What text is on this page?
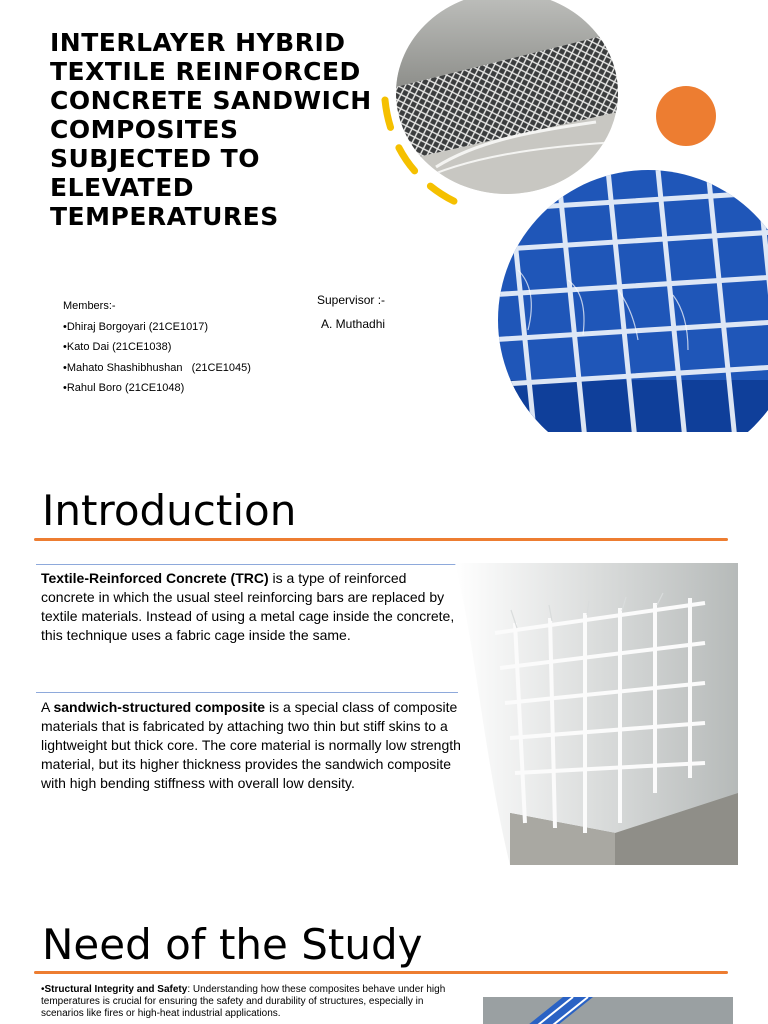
INTERLAYER HYBRID TEXTILE REINFORCED CONCRETE SANDWICH COMPOSITES SUBJECTED TO ELEVATED TEMPERATURES
Members:-
•Dhiraj Borgoyari (21CE1017)
•Kato Dai (21CE1038)
•Mahato Shashibhushan   (21CE1045)
•Rahul Boro (21CE1048)
Supervisor :-
A. Muthadhi
Introduction
Textile-Reinforced Concrete (TRC) is a type of reinforced concrete in which the usual steel reinforcing bars are replaced by textile materials. Instead of using a metal cage inside the concrete, this technique uses a fabric cage inside the same.
A sandwich-structured composite is a special class of composite materials that is fabricated by attaching two thin but stiff skins to a lightweight but thick core. The core material is normally low strength material, but its higher thickness provides the sandwich composite with high bending stiffness with overall low density.
Need of the Study
•Structural Integrity and Safety: Understanding how these composites behave under high temperatures is crucial for ensuring the safety and durability of structures, especially in scenarios like fires or high-heat industrial applications.
